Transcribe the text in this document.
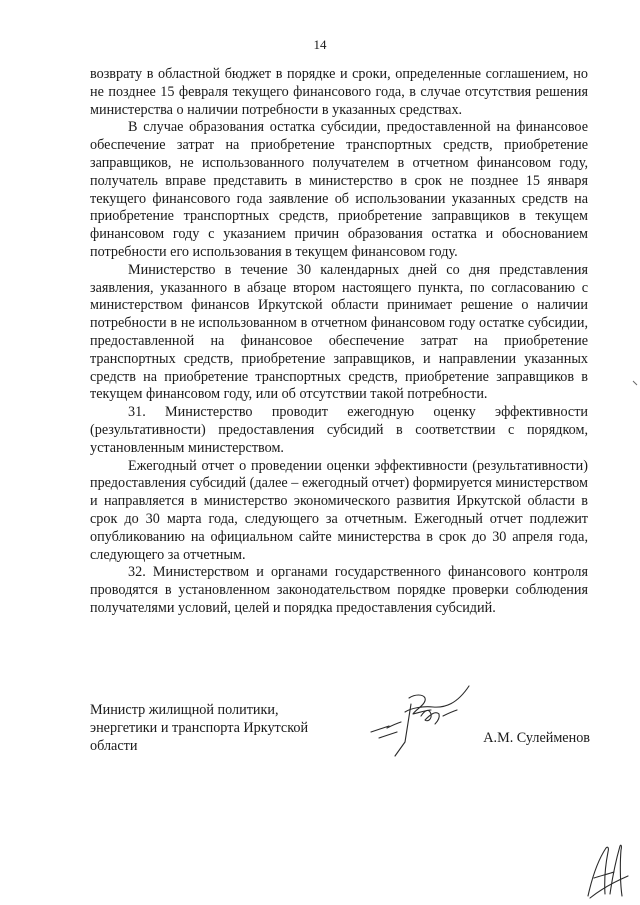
14

возврату в областной бюджет в порядке и сроки, определенные соглашением, но не позднее 15 февраля текущего финансового года, в случае отсутствия решения министерства о наличии потребности в указанных средствах.

В случае образования остатка субсидии, предоставленной на финансовое обеспечение затрат на приобретение транспортных средств, приобретение заправщиков, не использованного получателем в отчетном финансовом году, получатель вправе представить в министерство в срок не позднее 15 января текущего финансового года заявление об использовании указанных средств на приобретение транспортных средств, приобретение заправщиков в текущем финансовом году с указанием причин образования остатка и обоснованием потребности его использования в текущем финансовом году.

Министерство в течение 30 календарных дней со дня представления заявления, указанного в абзаце втором настоящего пункта, по согласованию с министерством финансов Иркутской области принимает решение о наличии потребности в не использованном в отчетном финансовом году остатке субсидии, предоставленной на финансовое обеспечение затрат на приобретение транспортных средств, приобретение заправщиков, и направлении указанных средств на приобретение транспортных средств, приобретение заправщиков в текущем финансовом году, или об отсутствии такой потребности.

31. Министерство проводит ежегодную оценку эффективности (результативности) предоставления субсидий в соответствии с порядком, установленным министерством.

Ежегодный отчет о проведении оценки эффективности (результативности) предоставления субсидий (далее – ежегодный отчет) формируется министерством и направляется в министерство экономического развития Иркутской области в срок до 30 марта года, следующего за отчетным. Ежегодный отчет подлежит опубликованию на официальном сайте министерства в срок до 30 апреля года, следующего за отчетным.

32. Министерством и органами государственного финансового контроля проводятся в установленном законодательством порядке проверки соблюдения получателями условий, целей и порядка предоставления субсидий.

Министр жилищной политики,
энергетики и транспорта Иркутской
области	А.М. Сулейменов
